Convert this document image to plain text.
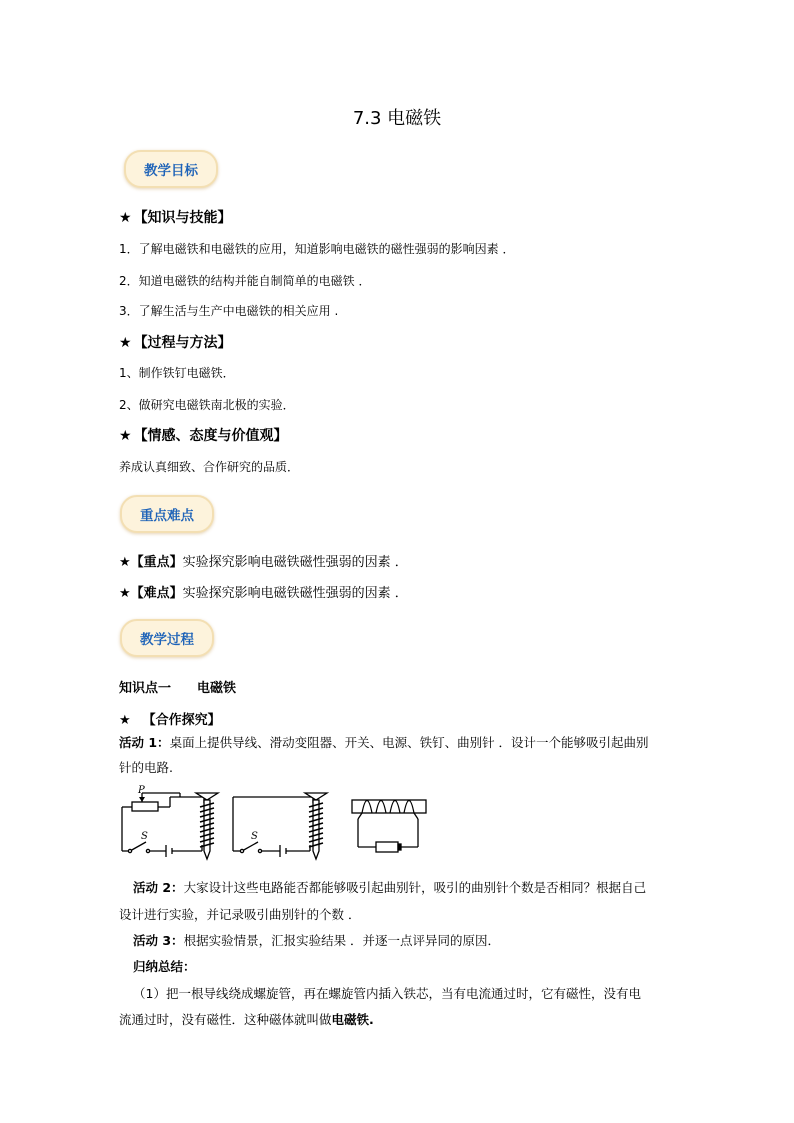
7.3 电磁铁
教学目标
★ 【知识与技能】
1．了解电磁铁和电磁铁的应用，知道影响电磁铁的磁性强弱的影响因素 ．
2．知道电磁铁的结构并能自制简单的电磁铁 ．
3．了解生活与生产中电磁铁的相关应用 .
★ 【过程与方法】
1、制作铁钉电磁铁．
2、做研究电磁铁南北极的实验．
★ 【情感、态度与价值观】
养成认真细致、合作研究的品质．
重点难点
★【重点】实验探究影响电磁铁磁性强弱的因素 ．
★【难点】实验探究影响电磁铁磁性强弱的因素 ．
教学过程
知识点一 电磁铁
★ 【合作探究】
活动 1：桌面上提供导线、滑动变阻器、开关、电源、铁钉、曲别针 ．设计一个能够吸引起曲别
针的电路.
P
S	S
活动 2：大家设计这些电路能否都能够吸引起曲别针，吸引的曲别针个数是否相同？根据自己
设计进行实验，并记录吸引曲别针的个数 ．
活动 3：根据实验情景，汇报实验结果 ．并逐一点评异同的原因．
归纳总结：
（1）把一根导线绕成螺旋管，再在螺旋管内插入铁芯，当有电流通过时，它有磁性，没有电
流通过时，没有磁性．这种磁体就叫做电磁铁.
